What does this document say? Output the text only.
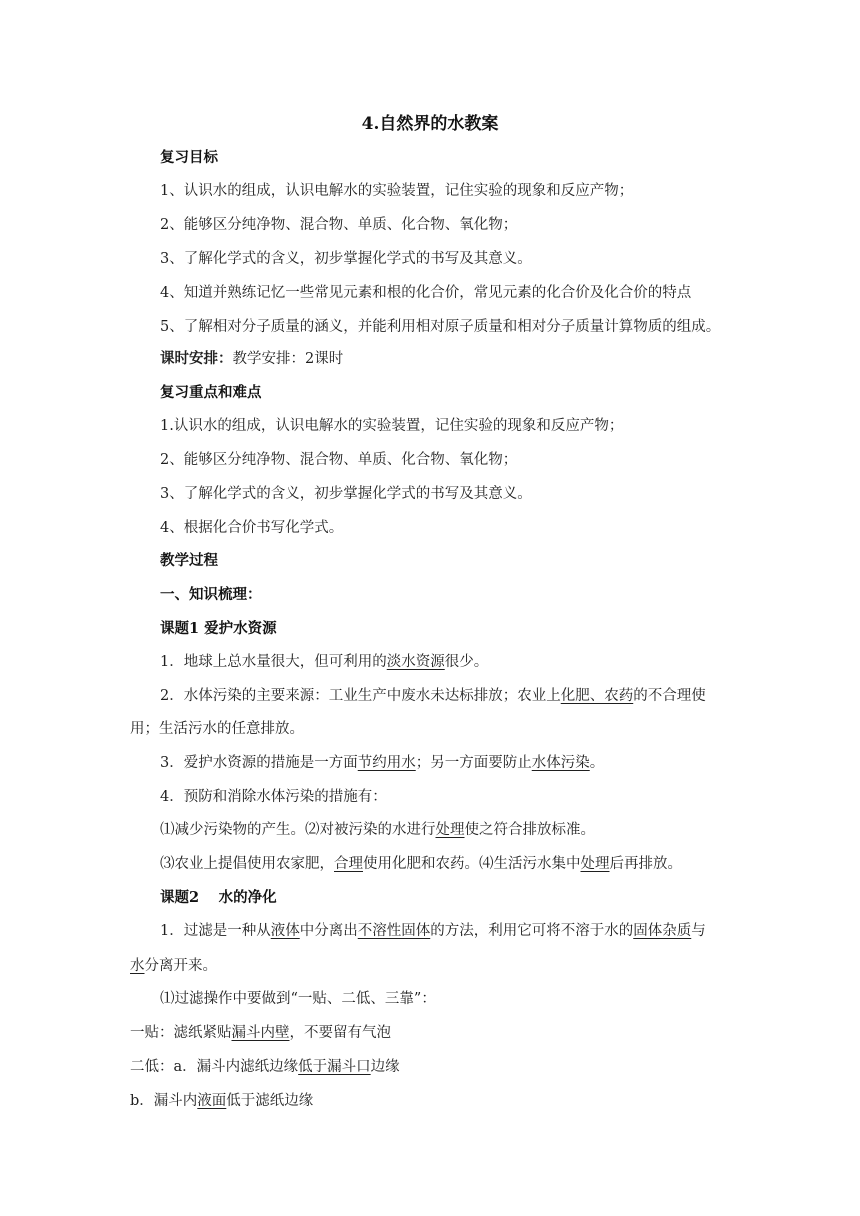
4.自然界的水教案
复习目标
1、认识水的组成，认识电解水的实验装置，记住实验的现象和反应产物；
2、能够区分纯净物、混合物、单质、化合物、氧化物；
3、了解化学式的含义，初步掌握化学式的书写及其意义。
4、知道并熟练记忆一些常见元素和根的化合价，常见元素的化合价及化合价的特点
5、了解相对分子质量的涵义，并能利用相对原子质量和相对分子质量计算物质的组成。
课时安排：教学安排：2课时
复习重点和难点
1.认识水的组成，认识电解水的实验装置，记住实验的现象和反应产物；
2、能够区分纯净物、混合物、单质、化合物、氧化物；
3、了解化学式的含义，初步掌握化学式的书写及其意义。
4、根据化合价书写化学式。
教学过程
一、知识梳理：
课题1 爱护水资源
1．地球上总水量很大，但可利用的淡水资源很少。
2．水体污染的主要来源：工业生产中废水未达标排放；农业上化肥、农药的不合理使
用；生活污水的任意排放。
3．爱护水资源的措施是一方面节约用水；另一方面要防止水体污染。
4．预防和消除水体污染的措施有：
⑴减少污染物的产生。⑵对被污染的水进行处理使之符合排放标准。
⑶农业上提倡使用农家肥，合理使用化肥和农药。⑷生活污水集中处理后再排放。
课题2　 水的净化
1．过滤是一种从液体中分离出不溶性固体的方法，利用它可将不溶于水的固体杂质与
水分离开来。
⑴过滤操作中要做到“一贴、二低、三靠”：
一贴：滤纸紧贴漏斗内壁，不要留有气泡
二低：a．漏斗内滤纸边缘低于漏斗口边缘
b．漏斗内液面低于滤纸边缘
